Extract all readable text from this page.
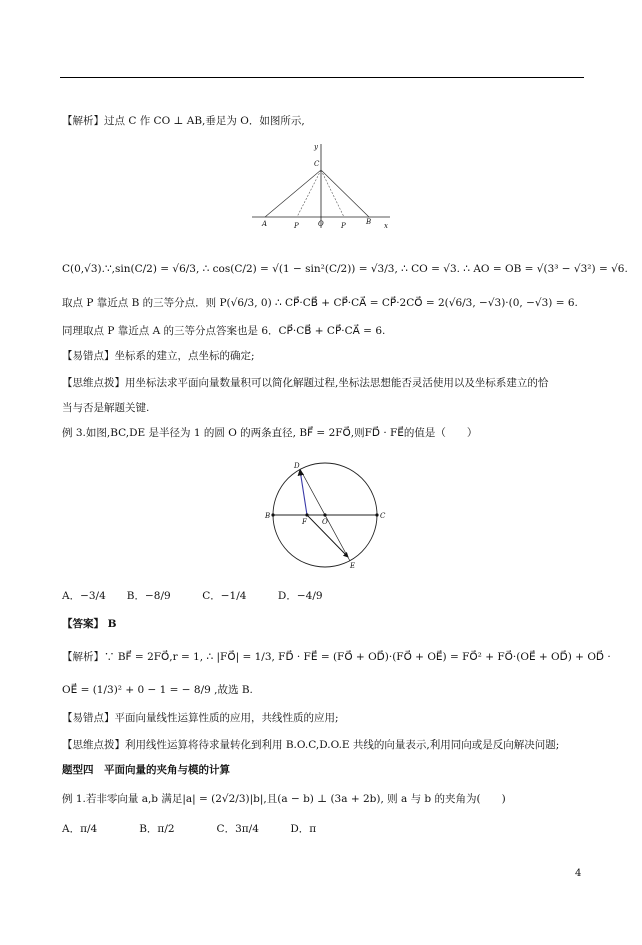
【解析】过点 C 作 CO ⊥ AB,垂足为 O．如图所示,
y
C
A	P	O P	B x
C(0,√3).∵,sin(C/2) = √6/3, ∴ cos(C/2) = √(1 − sin²(C/2)) = √3/3, ∴ CO = √3. ∴ AO = OB = √(3³ − √3²) = √6.
取点 P 靠近点 B 的三等分点．则 P(√6/3, 0) ∴ CP⃗·CB⃗ + CP⃗·CA⃗ = CP⃗·2CO⃗ = 2(√6/3, −√3)·(0, −√3) = 6.
同理取点 P 靠近点 A 的三等分点答案也是 6．CP⃗·CB⃗ + CP⃗·CA⃗ = 6.
【易错点】坐标系的建立，点坐标的确定;
【思维点拨】用坐标法求平面向量数量积可以简化解题过程,坐标法思想能否灵活使用以及坐标系建立的恰
当与否是解题关键.
例 3.如图,BC,DE 是半径为 1 的圆 O 的两条直径, BF⃗ = 2FO⃗,则FD⃗ · FE⃗的值是（　　）
D
B
F O
C
E
A．−3/4　　B．−8/9　　　C．−1/4　　　D．−4/9
【答案】 B
【解析】∵ BF⃗ = 2FO⃗,r = 1, ∴ |FO⃗| = 1/3, FD⃗ · FE⃗ = (FO⃗ + OD⃗)·(FO⃗ + OE⃗) = FO⃗² + FO⃗·(OE⃗ + OD⃗) + OD⃗ ·
OE⃗ = (1/3)² + 0 − 1 = − 8/9 ,故选 B.
【易错点】平面向量线性运算性质的应用，共线性质的应用;
【思维点拨】利用线性运算将待求量转化到利用 B.O.C,D.O.E 共线的向量表示,利用同向或是反向解决问题;
题型四　平面向量的夹角与模的计算
例 1.若非零向量 a,b 满足|a| = (2√2/3)|b|,且(a − b) ⊥ (3a + 2b), 则 a 与 b 的夹角为(　　)
A．π/4　　　　B．π/2　　　　C．3π/4　　　D．π
4
